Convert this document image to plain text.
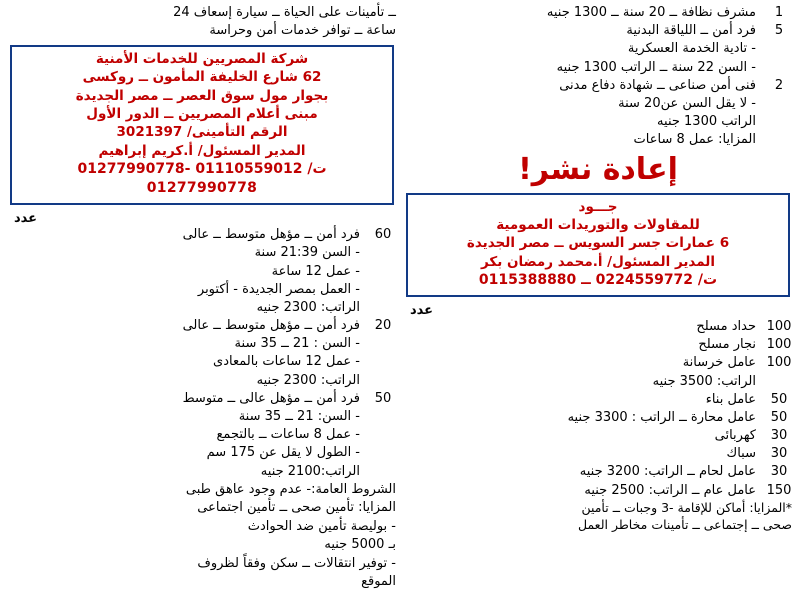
1
مشرف نظافة ــ 20 سنة ــ 1300 جنيه
5
فرد أمن ــ اللياقة البدنية
- تادية الخدمة العسكرية
- السن 22 سنة ــ الراتب 1300 جنيه
2
فنى أمن صناعى ــ شهادة دفاع مدنى
- لا يقل السن عن20 سنة
الراتب 1300 جنيه
المزايا: عمل 8 ساعات
إعادة نشر!
جـــود
للمقاولات والتوريدات العمومية
6 عمارات جسر السويس ــ مصر الجديدة
المدير المسئول/ أ.محمد رمضان بكر
ت/ 0224559772 ــ 0115388880
عدد
100
حداد مسلح
100
نجار مسلح
100
عامل خرسانة
الراتب: 3500 جنيه
50
عامل بناء
50
عامل محارة ــ الراتب : 3300 جنيه
30
كهربائى
30
سباك
30
عامل لحام ــ الراتب: 3200 جنيه
150
عامل عام ــ الراتب: 2500 جنيه
*المزايا: أماكن للإقامة -3 وجبات ــ تأمين
صحى ــ إجتماعى ــ تأمينات مخاطر العمل
ــ تأمينات على الحياة ــ سيارة إسعاف 24
ساعة ــ توافر خدمات أمن وحراسة
شركة المصريين للخدمات الأمنية
62 شارع الخليفة المأمون ــ روكسى
بجوار مول سوق العصر ــ مصر الجديدة
مبنى أعلام المصريين ــ الدور الأول
الرقم التأمينى/ 3021397
المدير المسئول/ أ.كريم إبراهيم
ت/ 01110559012 -01277990778
01277990778
عدد
60
فرد أمن ــ مؤهل متوسط ــ عالى
- السن 21:39 سنة
- عمل 12 ساعة
- العمل بمصر الجديدة - أكتوبر
الراتب: 2300 جنيه
20
فرد أمن ــ مؤهل متوسط ــ عالى
- السن : 21 ــ 35 سنة
- عمل 12 ساعات بالمعادى
الراتب: 2300 جنيه
50
فرد أمن ــ مؤهل عالى ــ متوسط
- السن: 21 ــ 35 سنة
- عمل 8 ساعات ــ بالتجمع
- الطول لا يقل عن 175 سم
الراتب:2100 جنيه
الشروط العامة:- عدم وجود عاهق طبى
المزايا: تأمين صحى ــ تأمين اجتماعى
- بوليصة تأمين ضد الحوادث
بـ 5000 جنيه
- توفير انتقالات ــ سكن وفقاً لظروف
الموقع
